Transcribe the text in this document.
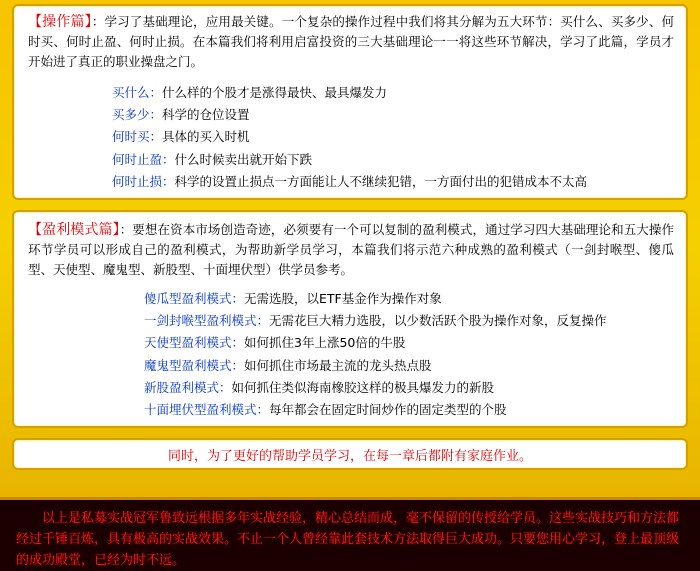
【操作篇】：学习了基础理论，应用最关键。一个复杂的操作过程中我们将其分解为五大环节：买什么、买多少、何时买、何时止盈、何时止损。在本篇我们将利用启富投资的三大基础理论一一将这些环节解决，学习了此篇，学员才开始进了真正的职业操盘之门。
买什么：什么样的个股才是涨得最快、最具爆发力
买多少：科学的仓位设置
何时买：具体的买入时机
何时止盈：什么时候卖出就开始下跌
何时止损：科学的设置止损点一方面能让人不继续犯错，一方面付出的犯错成本不太高
【盈利模式篇】：要想在资本市场创造奇迹，必须要有一个可以复制的盈利模式，通过学习四大基础理论和五大操作环节学员可以形成自己的盈利模式，为帮助新学员学习，本篇我们将示范六种成熟的盈利模式（一剑封喉型、傻瓜型、天使型、魔鬼型、新股型、十面埋伏型）供学员参考。
傻瓜型盈利模式：无需选股，以ETF基金作为操作对象
一剑封喉型盈利模式：无需花巨大精力选股，以少数活跃个股为操作对象，反复操作
天使型盈利模式：如何抓住3年上涨50倍的牛股
魔鬼型盈利模式：如何抓住市场最主流的龙头热点股
新股盈利模式：如何抓住类似海南橡胶这样的极具爆发力的新股
十面埋伏型盈利模式：每年都会在固定时间炒作的固定类型的个股
同时，为了更好的帮助学员学习，在每一章后都附有家庭作业。
以上是私募实战冠军鲁致远根据多年实战经验，精心总结而成，毫不保留的传授给学员。这些实战技巧和方法都经过千锤百炼，具有极高的实战效果。不止一个人曾经靠此套技术方法取得巨大成功。只要您用心学习，登上最顶级的成功殿堂，已经为时不远。
